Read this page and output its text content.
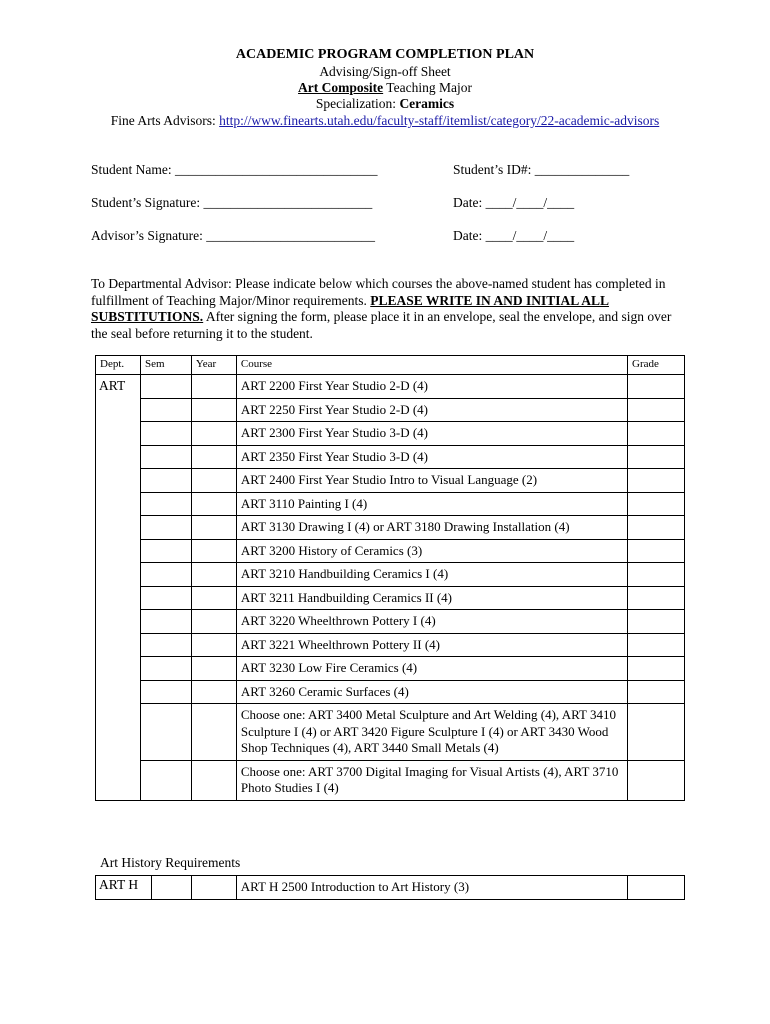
ACADEMIC PROGRAM COMPLETION PLAN
Advising/Sign-off Sheet
Art Composite Teaching Major
Specialization: Ceramics
Fine Arts Advisors: http://www.finearts.utah.edu/faculty-staff/itemlist/category/22-academic-advisors
Student Name: ______________________________	Student’s ID#: ______________
Student’s Signature: _________________________	Date: ____/____/____
Advisor’s Signature: _________________________	Date: ____/____/____
To Departmental Advisor: Please indicate below which courses the above-named student has completed in fulfillment of Teaching Major/Minor requirements. PLEASE WRITE IN AND INITIAL ALL SUBSTITUTIONS. After signing the form, please place it in an envelope, seal the envelope, and sign over the seal before returning it to the student.
Dept.	Sem	Year	Course	Grade
ART			ART 2200 First Year Studio 2-D (4)	
			ART 2250 First Year Studio 2-D (4)	
			ART 2300 First Year Studio 3-D (4)	
			ART 2350 First Year Studio 3-D (4)	
			ART 2400 First Year Studio Intro to Visual Language (2)	
			ART 3110 Painting I (4)	
			ART 3130 Drawing I (4) or ART 3180 Drawing Installation (4)	
			ART 3200 History of Ceramics (3)	
			ART 3210 Handbuilding Ceramics I (4)	
			ART 3211 Handbuilding Ceramics II (4)	
			ART 3220 Wheelthrown Pottery I (4)	
			ART 3221 Wheelthrown Pottery II (4)	
			ART 3230 Low Fire Ceramics (4)	
			ART 3260 Ceramic Surfaces (4)	
			Choose one: ART 3400 Metal Sculpture and Art Welding (4), ART 3410 Sculpture I (4) or ART 3420 Figure Sculpture I (4) or ART 3430 Wood Shop Techniques (4), ART 3440 Small Metals (4)	
			Choose one: ART 3700 Digital Imaging for Visual Artists (4), ART 3710 Photo Studies I (4)	
Art History Requirements
ART H			ART H 2500 Introduction to Art History (3)	
